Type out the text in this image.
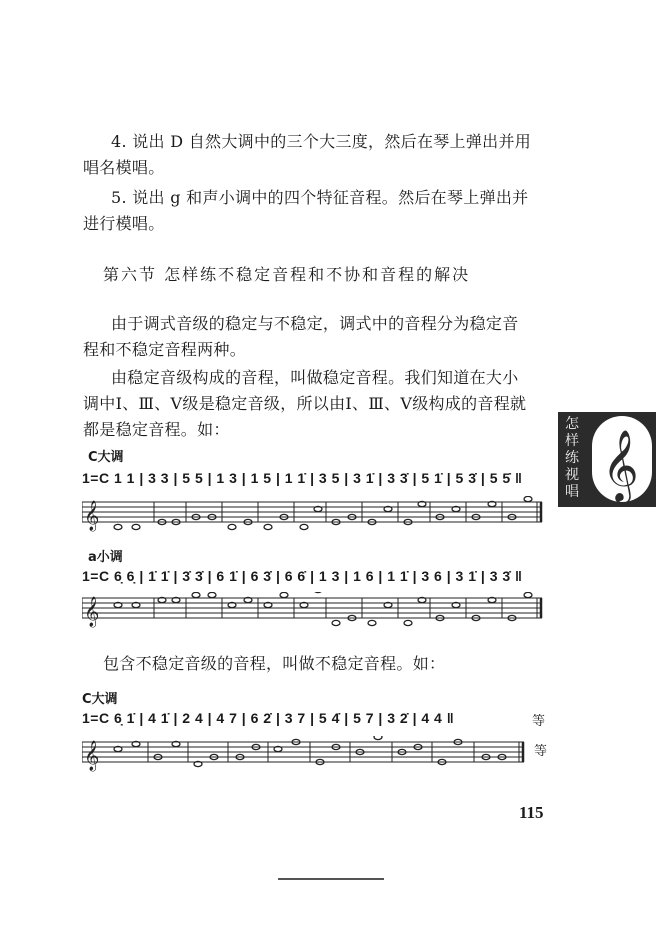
4. 说出 D 自然大调中的三个大三度，然后在琴上弹出并用
唱名模唱。
5. 说出 g 和声小调中的四个特征音程。然后在琴上弹出并
进行模唱。
第六节 怎样练不稳定音程和不协和音程的解决
由于调式音级的稳定与不稳定，调式中的音程分为稳定音
程和不稳定音程两种。
由稳定音级构成的音程，叫做稳定音程。我们知道在大小
调中Ⅰ、Ⅲ、Ⅴ级是稳定音级，所以由Ⅰ、Ⅲ、Ⅴ级构成的音程就
都是稳定音程。如：
C大调
1=C 1 1 | 3 3 | 5 5 | 1 3 | 1 5 | 1 1̇ | 3 5 | 3 1̇ | 3 3̇ | 5 1̇ | 5 3̇ | 5 5̇ ‖
𝄞
a小调
1=C 6̣ 6̣ | 1̇ 1̇ | 3̇ 3̇ | 6 1̇ | 6 3̇ | 6 6̇ | 1 3 | 1 6 | 1 1̇ | 3 6 | 3 1̇ | 3 3̇ ‖
𝄞
包含不稳定音级的音程，叫做不稳定音程。如：
C大调
1=C 6̣ 1̇ | 4 1̇ | 2 4 | 4 7 | 6 2̇ | 3 7 | 5 4̇ | 5 7 | 3 2̇ | 4 4 ‖	等
𝄞	等
怎样练视唱 𝄞
115
